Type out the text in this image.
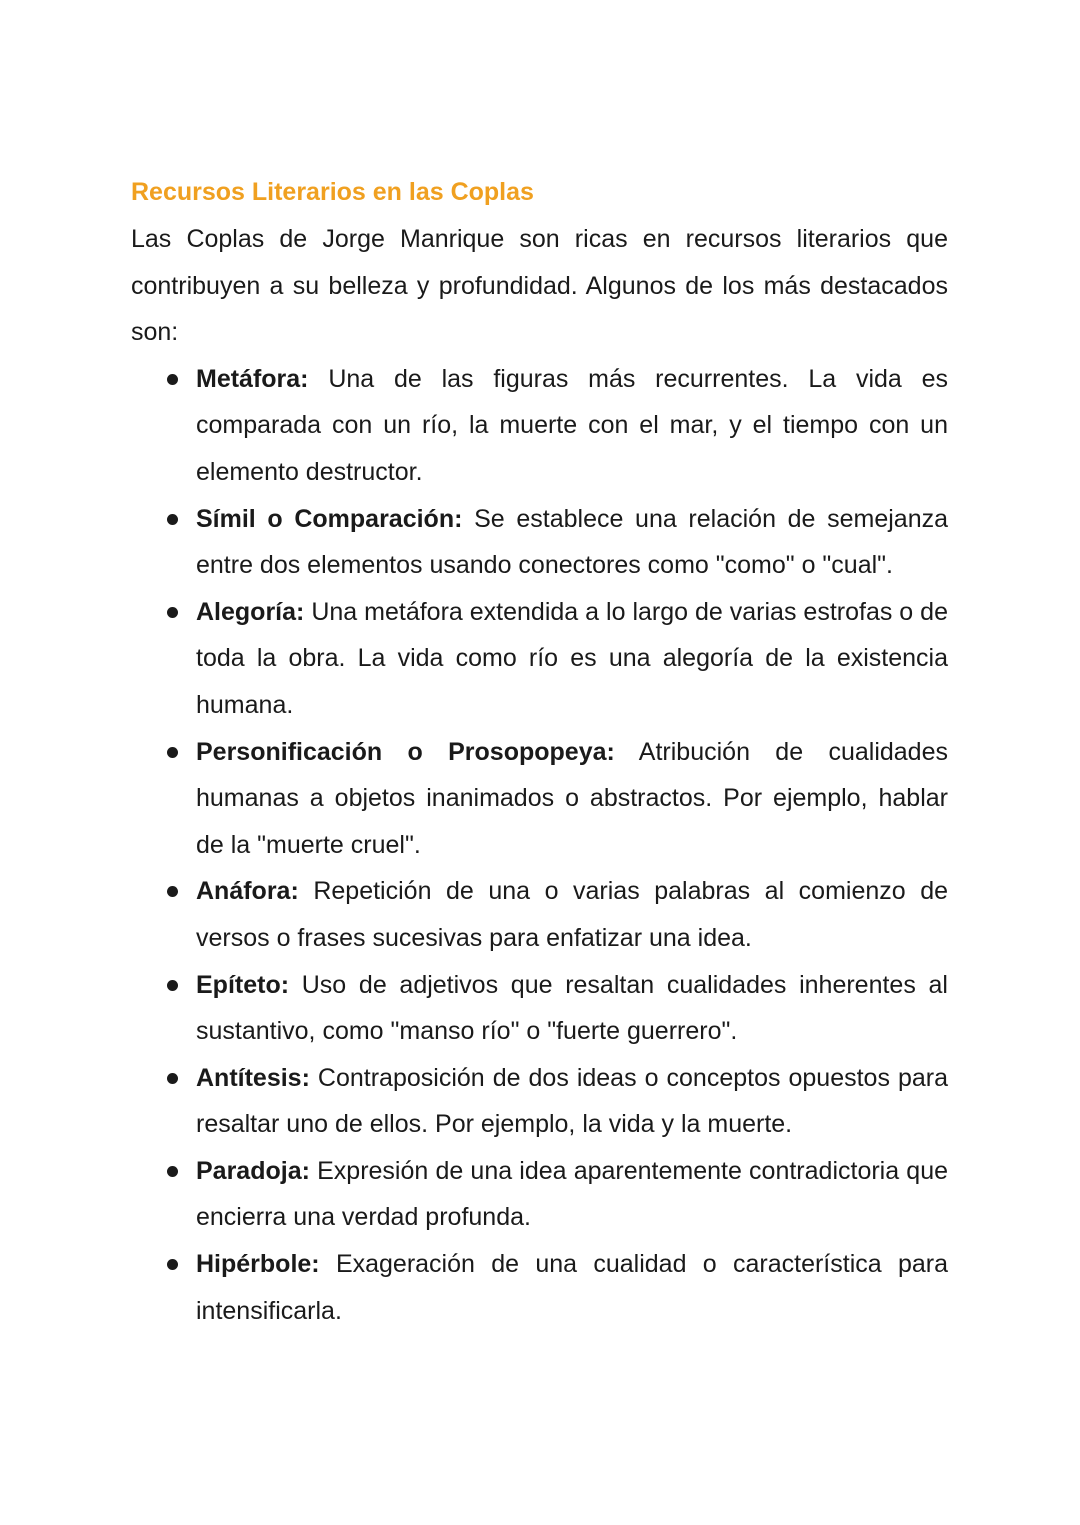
Recursos Literarios en las Coplas

Las Coplas de Jorge Manrique son ricas en recursos literarios que contribuyen a su belleza y profundidad. Algunos de los más destacados son:

Metáfora: Una de las figuras más recurrentes. La vida es comparada con un río, la muerte con el mar, y el tiempo con un elemento destructor.
Símil o Comparación: Se establece una relación de semejanza entre dos elementos usando conectores como "como" o "cual".
Alegoría: Una metáfora extendida a lo largo de varias estrofas o de toda la obra. La vida como río es una alegoría de la existencia humana.
Personificación o Prosopopeya: Atribución de cualidades humanas a objetos inanimados o abstractos. Por ejemplo, hablar de la "muerte cruel".
Anáfora: Repetición de una o varias palabras al comienzo de versos o frases sucesivas para enfatizar una idea.
Epíteto: Uso de adjetivos que resaltan cualidades inherentes al sustantivo, como "manso río" o "fuerte guerrero".
Antítesis: Contraposición de dos ideas o conceptos opuestos para resaltar uno de ellos. Por ejemplo, la vida y la muerte.
Paradoja: Expresión de una idea aparentemente contradictoria que encierra una verdad profunda.
Hipérbole: Exageración de una cualidad o característica para intensificarla.
